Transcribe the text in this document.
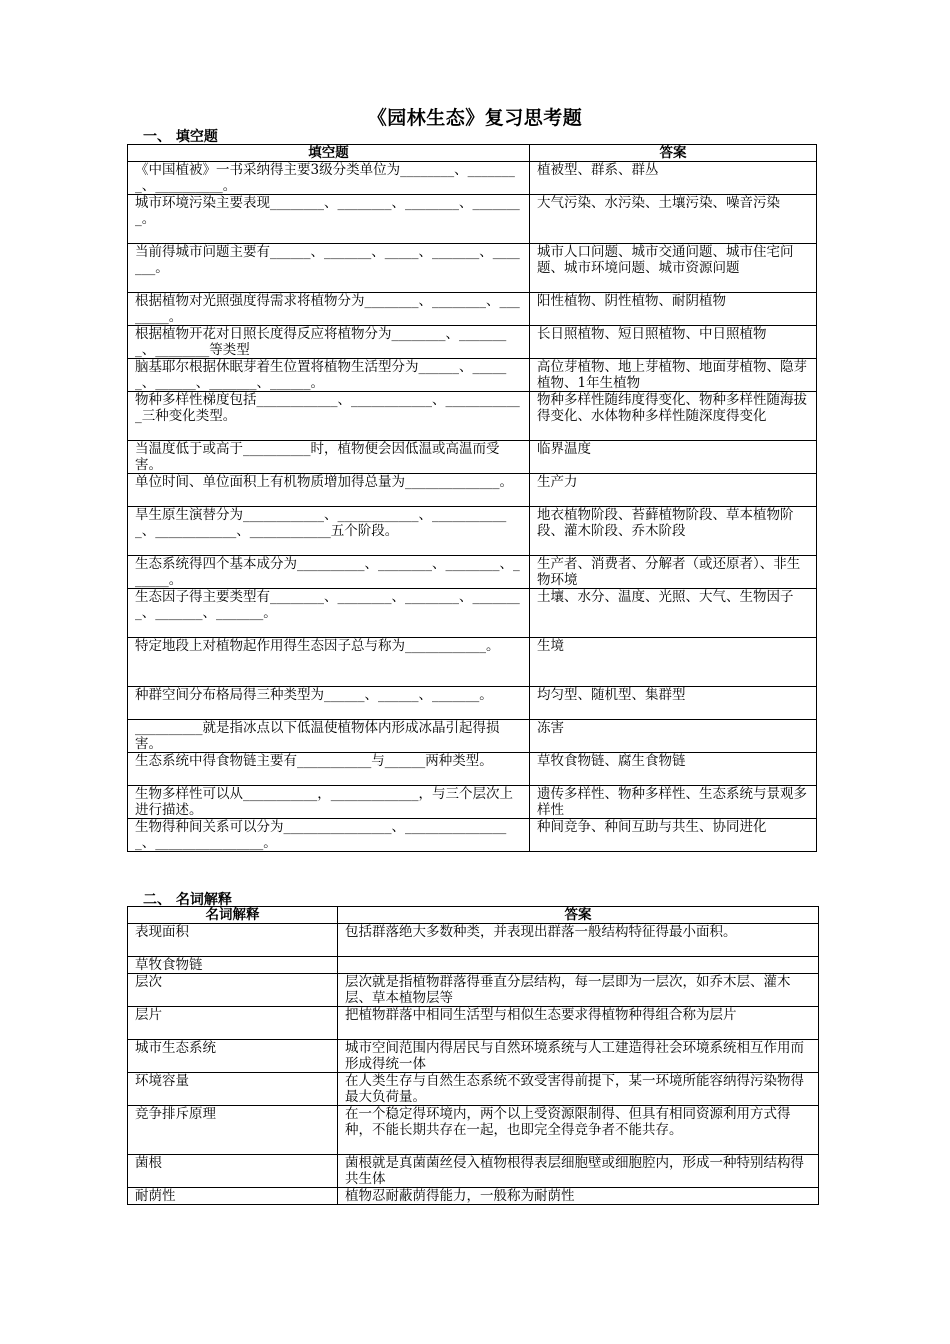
《园林生态》复习思考题
一、 填空题
填空题	答案
《中国植被》一书采纳得主要3级分类单位为________、________、__________。	植被型、群系、群丛
城市环境污染主要表现________、________、________、________。	大气污染、水污染、土壤污染、噪音污染
当前得城市问题主要有______、_______、_____、_______、_______。	城市人口问题、城市交通问题、城市住宅问题、城市环境问题、城市资源问题
根据植物对光照强度得需求将植物分为________、________、________。	阳性植物、阴性植物、耐阴植物
根据植物开花对日照长度得反应将植物分为________、________、________等类型	长日照植物、短日照植物、中日照植物
脑基耶尔根据休眠芽着生位置将植物生活型分为______、______、______、_______、______。	高位芽植物、地上芽植物、地面芽植物、隐芽植物、1年生植物
物种多样性梯度包括____________、____________、____________三种变化类型。	物种多样性随纬度得变化、物种多样性随海拔得变化、水体物种多样性随深度得变化
当温度低于或高于__________时，植物便会因低温或高温而受害。	临界温度
单位时间、单位面积上有机物质增加得总量为______________。	生产力
旱生原生演替分为____________、____________、____________、____________、____________五个阶段。	地衣植物阶段、苔藓植物阶段、草本植物阶段、灌木阶段、乔木阶段
生态系统得四个基本成分为__________、________、________、______。	生产者、消费者、分解者（或还原者）、非生物环境
生态因子得主要类型有________、________、________、________、_______、_______。	土壤、水分、温度、光照、大气、生物因子
特定地段上对植物起作用得生态因子总与称为____________。	生境
种群空间分布格局得三种类型为______、______、_______。	均匀型、随机型、集群型
__________就是指冰点以下低温使植物体内形成冰晶引起得损害。	冻害
生态系统中得食物链主要有___________与______两种类型。	草牧食物链、腐生食物链
生物多样性可以从___________，_____________，与三个层次上进行描述。	遗传多样性、物种多样性、生态系统与景观多样性
生物得种间关系可以分为________________、________________、________________。	种间竞争、种间互助与共生、协同进化
二、 名词解释
名词解释	答案
表现面积	包括群落绝大多数种类，并表现出群落一般结构特征得最小面积。
草牧食物链	
层次	层次就是指植物群落得垂直分层结构，每一层即为一层次，如乔木层、灌木层、草本植物层等
层片	把植物群落中相同生活型与相似生态要求得植物种得组合称为层片
城市生态系统	城市空间范围内得居民与自然环境系统与人工建造得社会环境系统相互作用而形成得统一体
环境容量	在人类生存与自然生态系统不致受害得前提下，某一环境所能容纳得污染物得最大负荷量。
竞争排斥原理	在一个稳定得环境内，两个以上受资源限制得、但具有相同资源利用方式得种，不能长期共存在一起，也即完全得竞争者不能共存。
菌根	菌根就是真菌菌丝侵入植物根得表层细胞壁或细胞腔内，形成一种特别结构得共生体
耐荫性	植物忍耐蔽荫得能力，一般称为耐荫性
